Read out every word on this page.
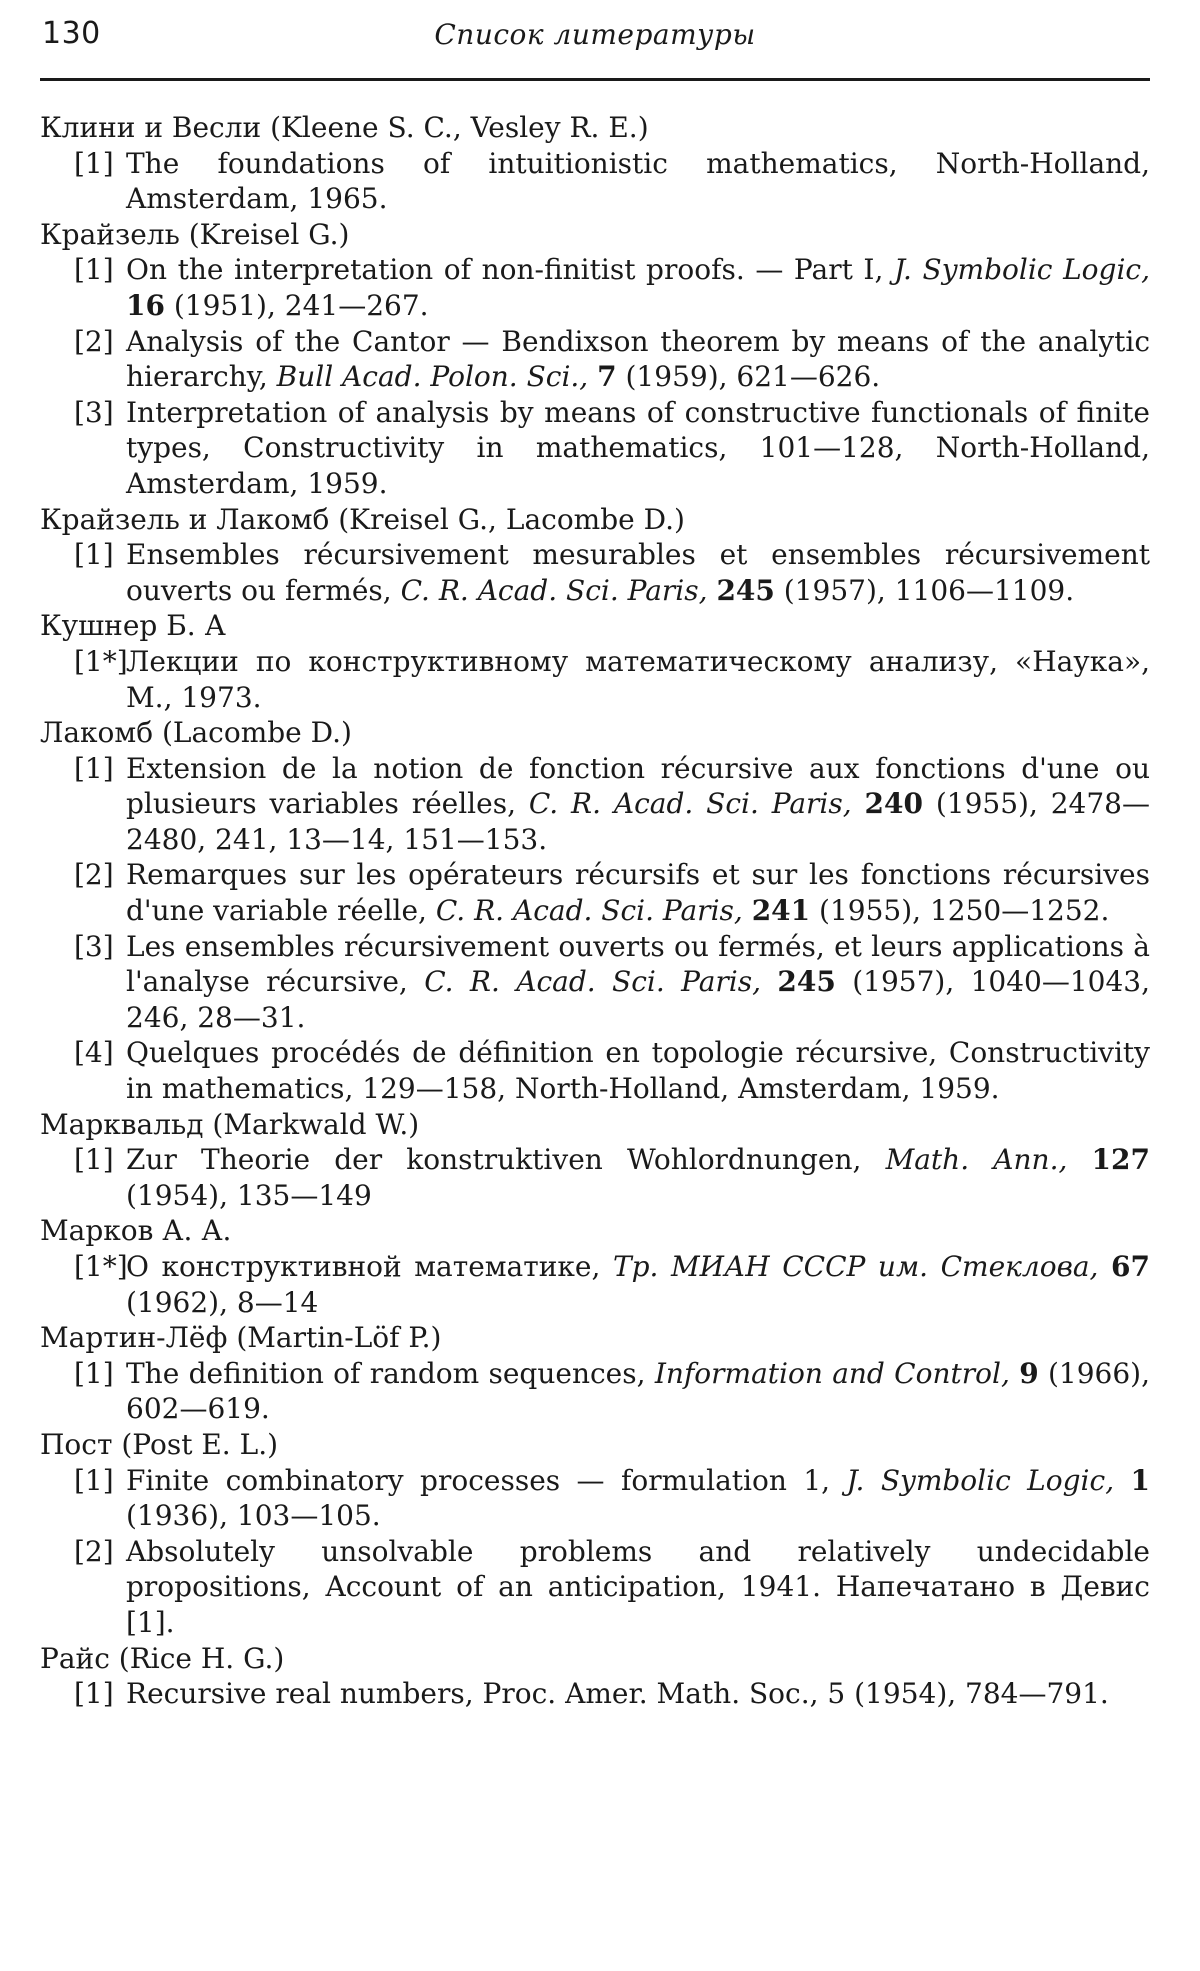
130	Список литературы
Клини и Весли (Kleene S. C., Vesley R. E.)
[1] The foundations of intuitionistic mathematics, North-Holland, Amsterdam, 1965.
Крайзель (Kreisel G.)
[1] On the interpretation of non-finitist proofs. — Part I, J. Symbolic Logic, 16 (1951), 241—267.
[2] Analysis of the Cantor — Bendixson theorem by means of the analytic hierarchy, Bull Acad. Polon. Sci., 7 (1959), 621—626.
[3] Interpretation of analysis by means of constructive functionals of finite types, Constructivity in mathematics, 101—128, North-Holland, Amsterdam, 1959.
Крайзель и Лакомб (Kreisel G., Lacombe D.)
[1] Ensembles récursivement mesurables et ensembles récursivement ouverts ou fermés, C. R. Acad. Sci. Paris, 245 (1957), 1106—1109.
Кушнер Б. А
[1*]
Лекции по конструктивному математическому анализу, «Наука», М., 1973.
Лакомб (Lacombe D.)
[1] Extension de la notion de fonction récursive aux fonctions d'une ou plusieurs variables réelles, C. R. Acad. Sci. Paris, 240 (1955), 2478—2480, 241, 13—14, 151—153.
[2] Remarques sur les opérateurs récursifs et sur les fonctions récursives d'une variable réelle, C. R. Acad. Sci. Paris, 241 (1955), 1250—1252.
[3] Les ensembles récursivement ouverts ou fermés, et leurs applications à l'analyse récursive, C. R. Acad. Sci. Paris, 245 (1957), 1040—1043, 246, 28—31.
[4] Quelques procédés de définition en topologie récursive, Constructivity in mathematics, 129—158, North-Holland, Amsterdam, 1959.
Марквальд (Markwald W.)
[1] Zur Theorie der konstruktiven Wohlordnungen, Math. Ann., 127 (1954), 135—149
Марков А. А.
[1*]
О конструктивной математике, Тр. МИАН СССР им. Стеклова, 67 (1962), 8—14
Мартин-Лёф (Martin-Löf P.)
[1] The definition of random sequences, Information and Control, 9 (1966), 602—619.
Пост (Post E. L.)
[1] Finite combinatory processes — formulation 1, J. Symbolic Logic, 1 (1936), 103—105.
[2] Absolutely unsolvable problems and relatively undecidable propositions, Account of an anticipation, 1941. Напечатано в Девис [1].
Райс (Rice H. G.)
[1] Recursive real numbers, Proc. Amer. Math. Soc., 5 (1954), 784—791.
